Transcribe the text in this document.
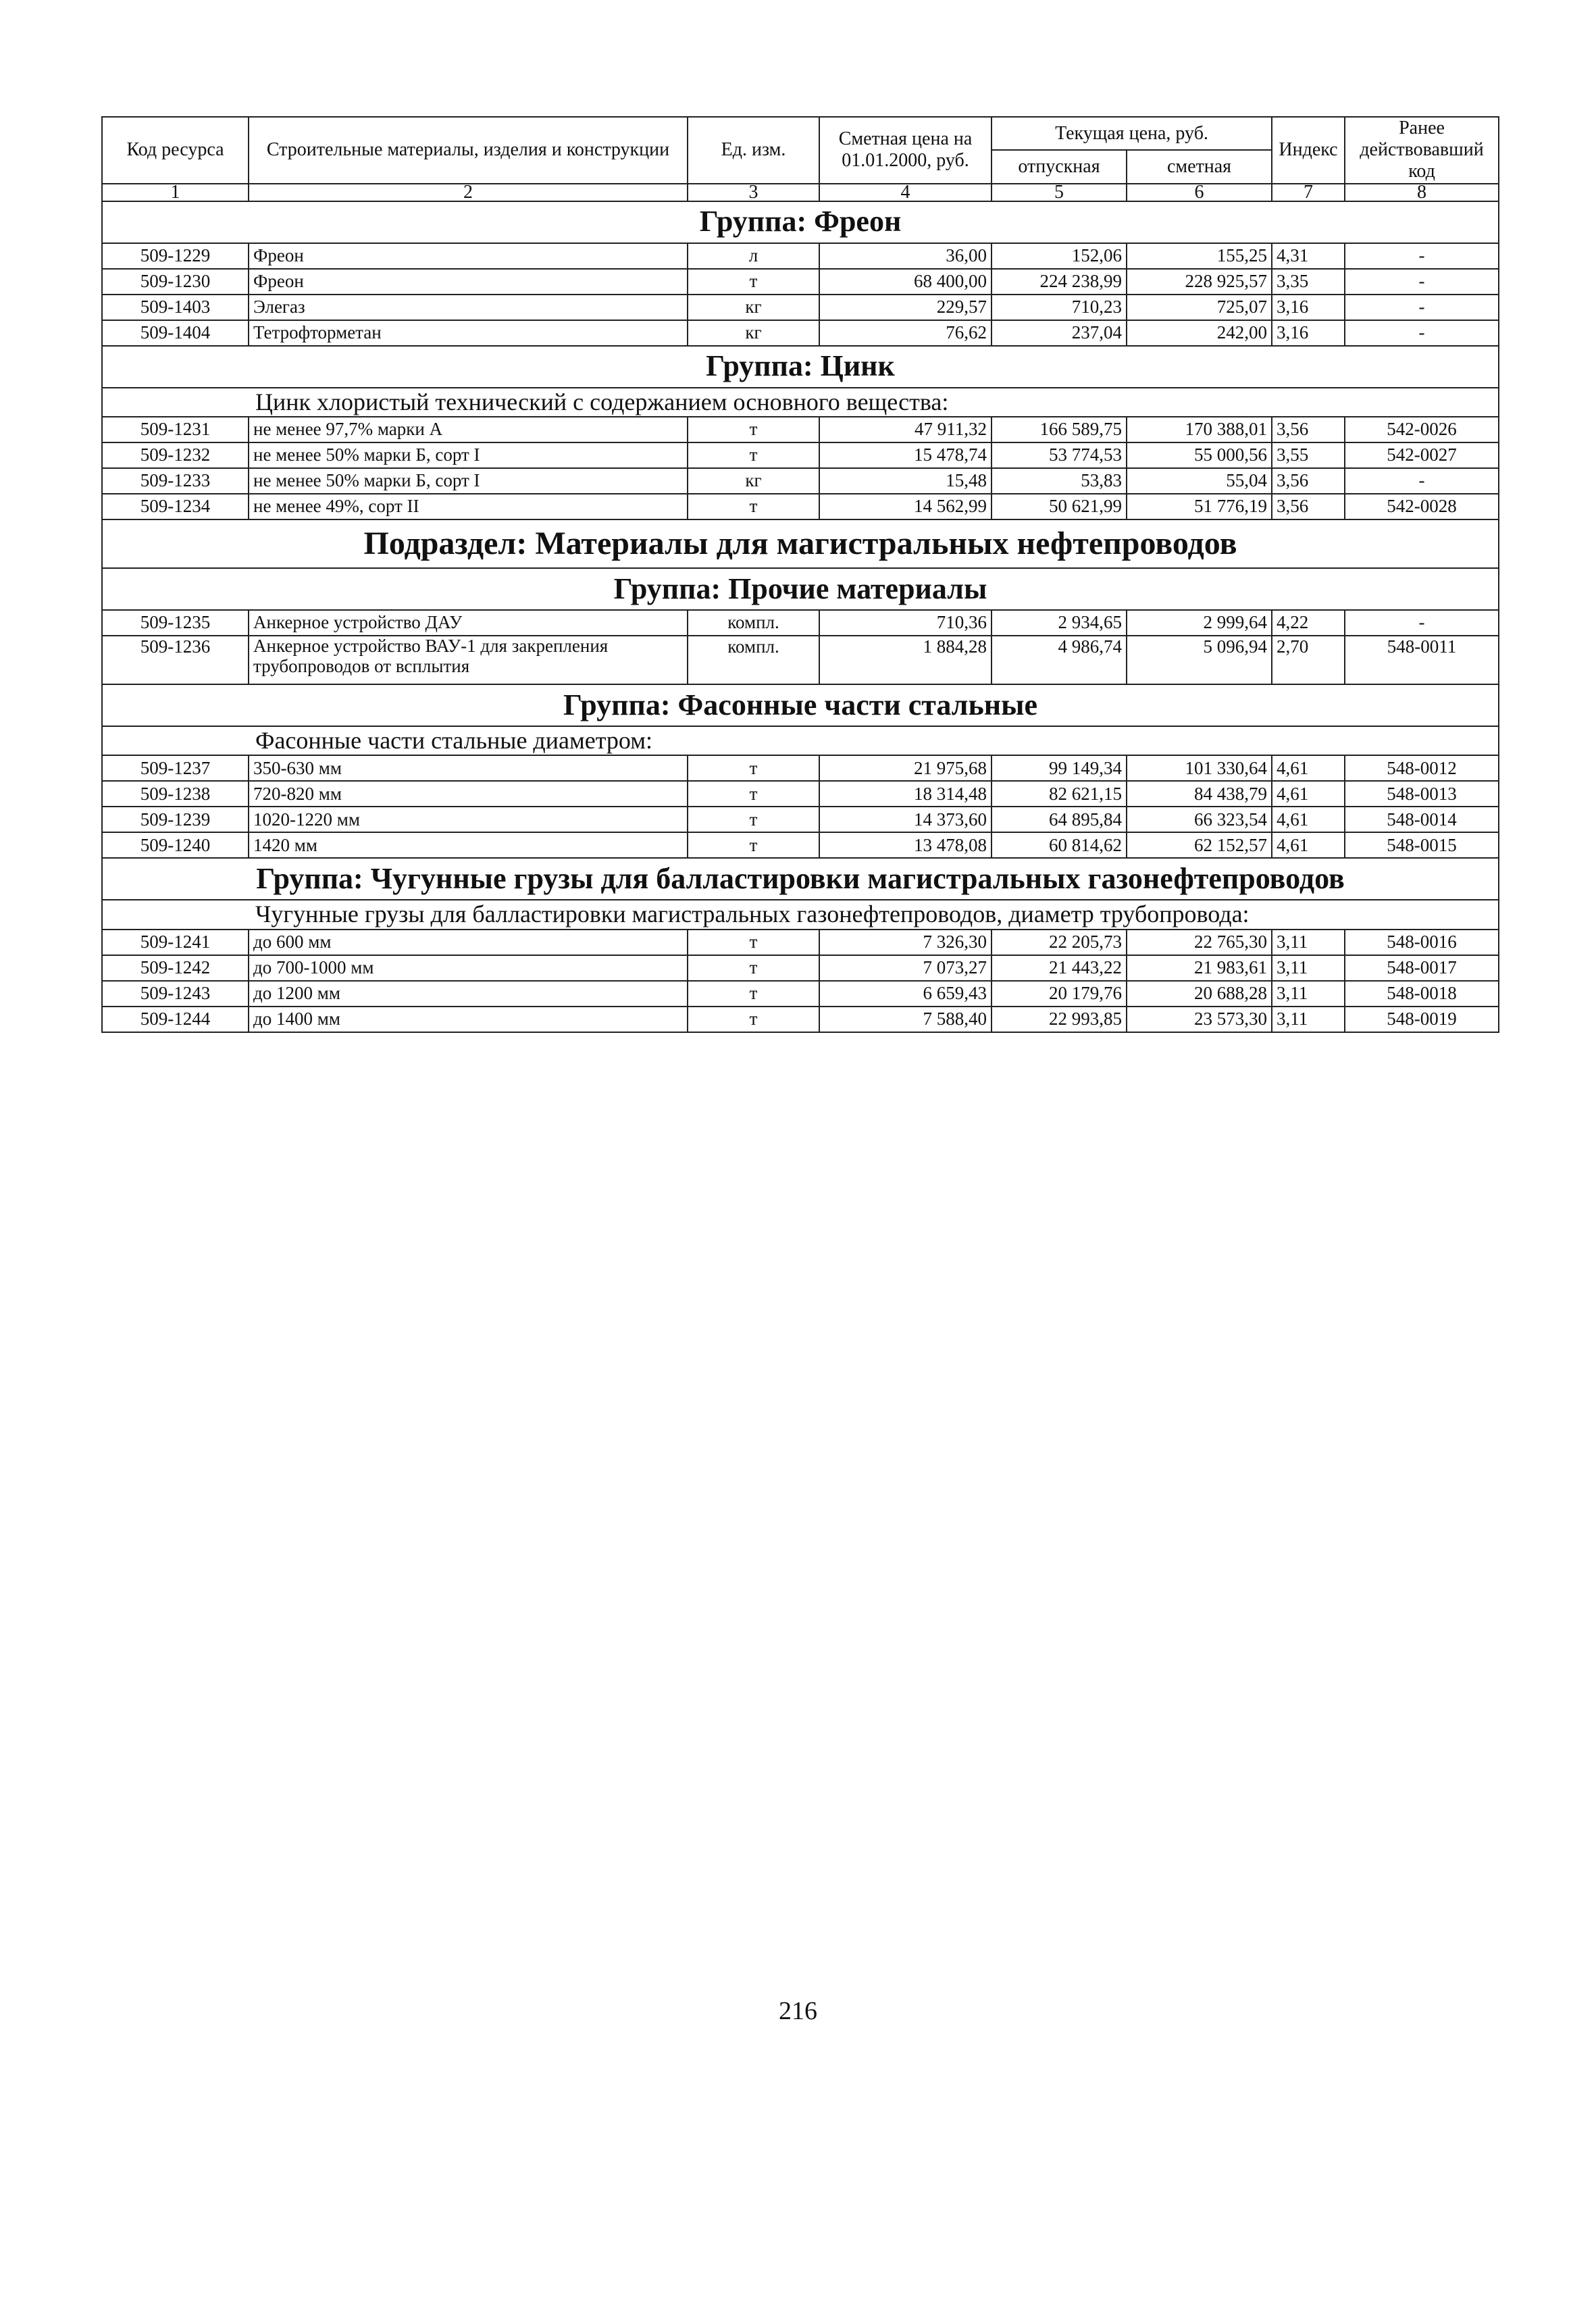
Код ресурса	Строительные материалы, изделия и конструкции	Ед. изм.	Сметная цена на 01.01.2000, руб.	Текущая цена, руб.		Индекс	Ранее действовавший код
				отпускная	сметная		
1	2	3	4	5	6	7	8
Группа: Фреон							
509-1229	Фреон	л	36,00	152,06	155,25	4,31	-
509-1230	Фреон	т	68 400,00	224 238,99	228 925,57	3,35	-
509-1403	Элегаз	кг	229,57	710,23	725,07	3,16	-
509-1404	Тетрофторметан	кг	76,62	237,04	242,00	3,16	-
Группа: Цинк							
Цинк хлористый технический с содержанием основного вещества:							
509-1231	не менее 97,7% марки А	т	47 911,32	166 589,75	170 388,01	3,56	542-0026
509-1232	не менее 50% марки Б, сорт I	т	15 478,74	53 774,53	55 000,56	3,55	542-0027
509-1233	не менее 50% марки Б, сорт I	кг	15,48	53,83	55,04	3,56	-
509-1234	не менее 49%, сорт II	т	14 562,99	50 621,99	51 776,19	3,56	542-0028
Подраздел: Материалы для магистральных нефтепроводов							
Группа: Прочие материалы							
509-1235	Анкерное устройство ДАУ	компл.	710,36	2 934,65	2 999,64	4,22	-
509-1236	Анкерное устройство ВАУ-1 для закрепления трубопроводов от всплытия	компл.	1 884,28	4 986,74	5 096,94	2,70	548-0011
Группа: Фасонные части стальные							
Фасонные части стальные диаметром:							
509-1237	350-630 мм	т	21 975,68	99 149,34	101 330,64	4,61	548-0012
509-1238	720-820 мм	т	18 314,48	82 621,15	84 438,79	4,61	548-0013
509-1239	1020-1220 мм	т	14 373,60	64 895,84	66 323,54	4,61	548-0014
509-1240	1420 мм	т	13 478,08	60 814,62	62 152,57	4,61	548-0015
Группа: Чугунные грузы для балластировки магистральных газонефтепроводов							
Чугунные грузы для балластировки магистральных газонефтепроводов, диаметр трубопровода:							
509-1241	до 600 мм	т	7 326,30	22 205,73	22 765,30	3,11	548-0016
509-1242	до 700-1000 мм	т	7 073,27	21 443,22	21 983,61	3,11	548-0017
509-1243	до 1200 мм	т	6 659,43	20 179,76	20 688,28	3,11	548-0018
509-1244	до 1400 мм	т	7 588,40	22 993,85	23 573,30	3,11	548-0019
216
